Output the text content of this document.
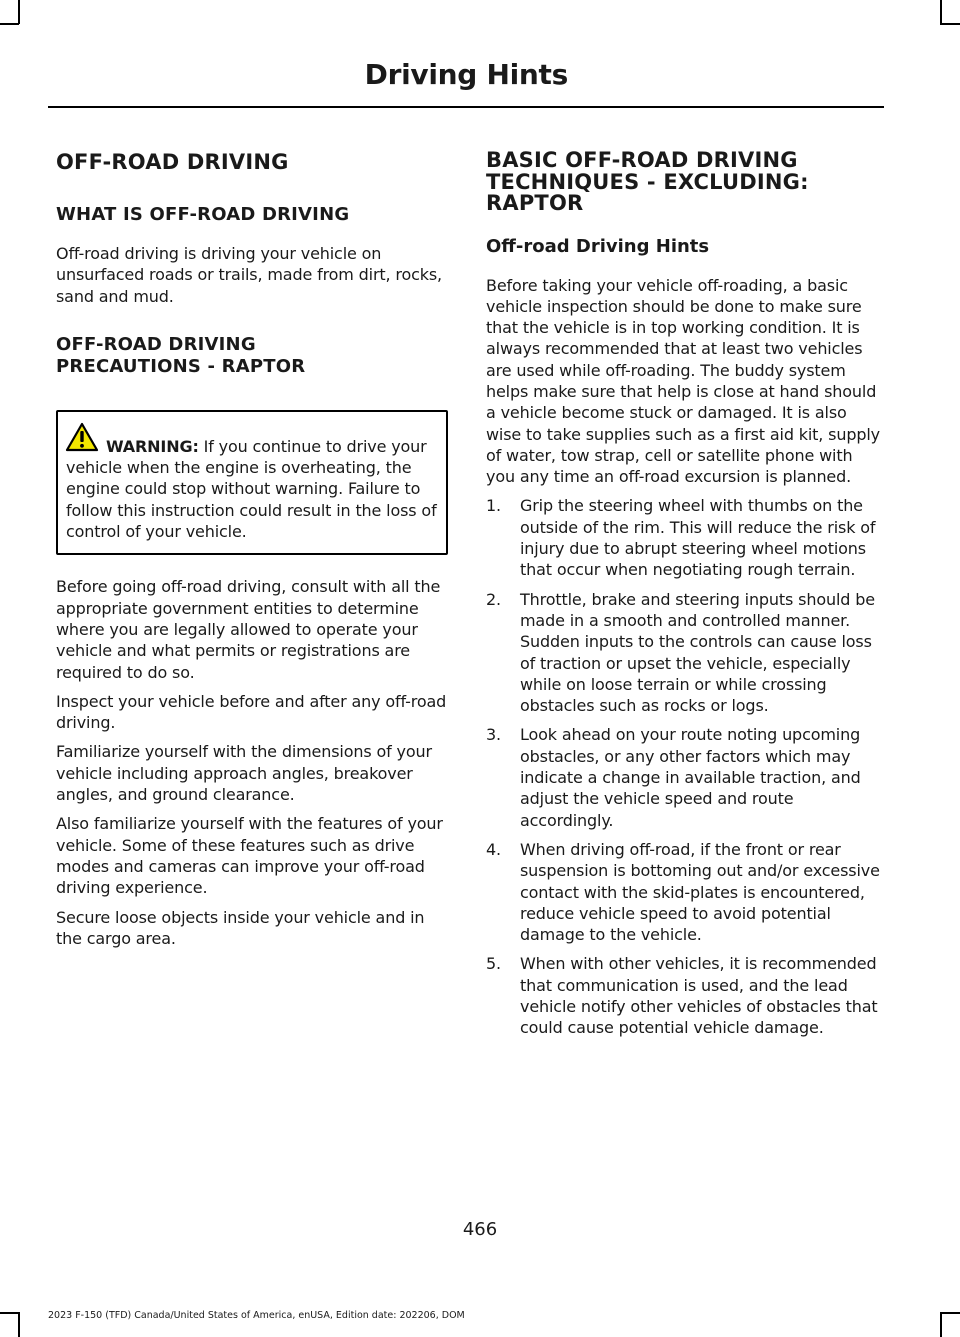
Driving Hints
OFF-ROAD DRIVING
WHAT IS OFF-ROAD DRIVING

Off-road driving is driving your vehicle on unsurfaced roads or trails, made from dirt, rocks, sand and mud.

OFF-ROAD DRIVING
PRECAUTIONS - RAPTOR

WARNING: If you continue to drive your vehicle when the engine is overheating, the engine could stop without warning. Failure to follow this instruction could result in the loss of control of your vehicle.

Before going off-road driving, consult with all the appropriate government entities to determine where you are legally allowed to operate your vehicle and what permits or registrations are required to do so.

Inspect your vehicle before and after any off-road driving.

Familiarize yourself with the dimensions of your vehicle including approach angles, breakover angles, and ground clearance.

Also familiarize yourself with the features of your vehicle. Some of these features such as drive modes and cameras can improve your off-road driving experience.

Secure loose objects inside your vehicle and in the cargo area.

BASIC OFF-ROAD DRIVING
TECHNIQUES - EXCLUDING:
RAPTOR
Off-road Driving Hints

Before taking your vehicle off-roading, a basic vehicle inspection should be done to make sure that the vehicle is in top working condition. It is always recommended that at least two vehicles are used while off-roading. The buddy system helps make sure that help is close at hand should a vehicle become stuck or damaged. It is also wise to take supplies such as a first aid kit, supply of water, tow strap, cell or satellite phone with you any time an off-road excursion is planned.

1.	Grip the steering wheel with thumbs on the outside of the rim. This will reduce the risk of injury due to abrupt steering wheel motions that occur when negotiating rough terrain.
2.	Throttle, brake and steering inputs should be made in a smooth and controlled manner. Sudden inputs to the controls can cause loss of traction or upset the vehicle, especially while on loose terrain or while crossing obstacles such as rocks or logs.
3.	Look ahead on your route noting upcoming obstacles, or any other factors which may indicate a change in available traction, and adjust the vehicle speed and route accordingly.
4.	When driving off-road, if the front or rear suspension is bottoming out and/or excessive contact with the skid-plates is encountered, reduce vehicle speed to avoid potential damage to the vehicle.
5.	When with other vehicles, it is recommended that communication is used, and the lead vehicle notify other vehicles of obstacles that could cause potential vehicle damage.
466
2023 F-150 (TFD) Canada/United States of America, enUSA, Edition date: 202206, DOM
